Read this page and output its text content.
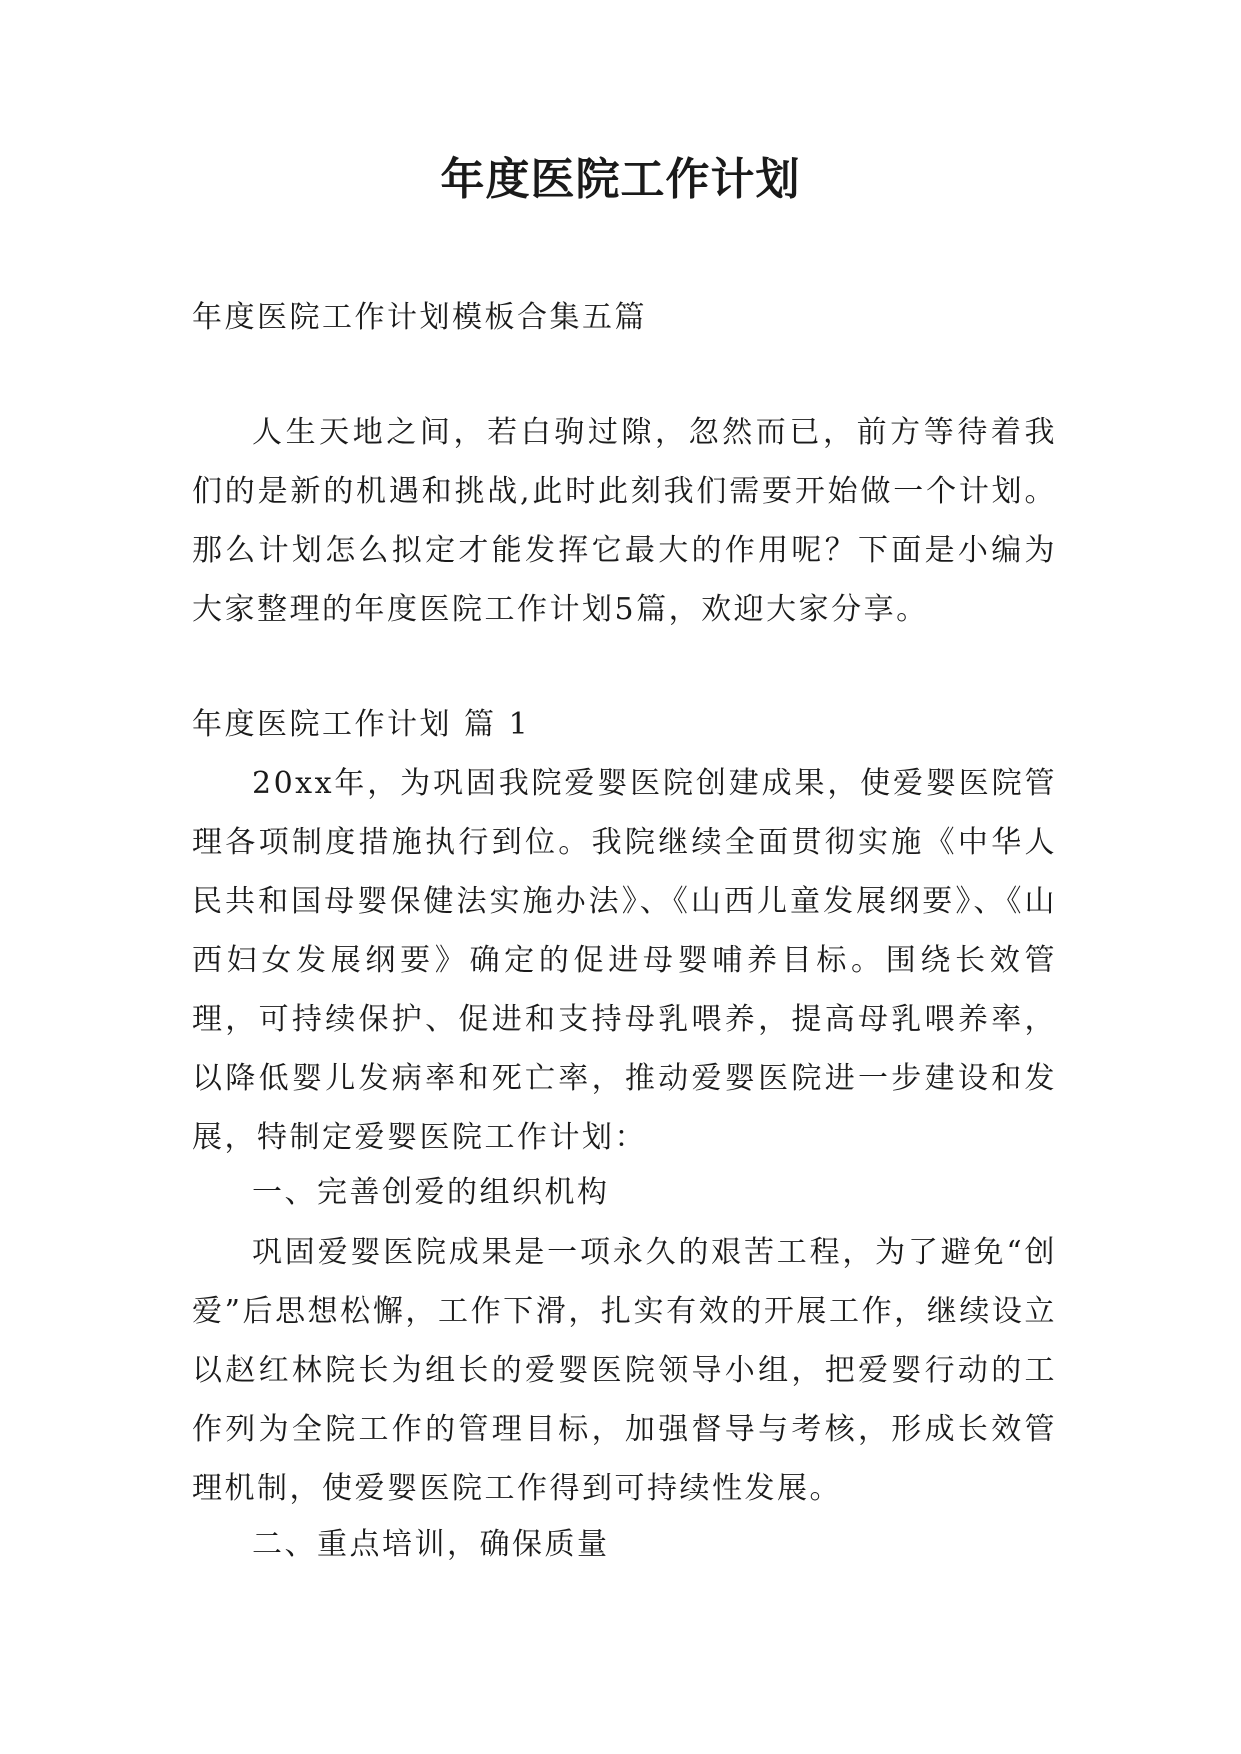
年度医院工作计划
年度医院工作计划模板合集五篇
人生天地之间，若白驹过隙，忽然而已，前方等待着我们的是新的机遇和挑战,此时此刻我们需要开始做一个计划。那么计划怎么拟定才能发挥它最大的作用呢？下面是小编为大家整理的年度医院工作计划5篇，欢迎大家分享。
年度医院工作计划 篇 1
20xx年，为巩固我院爱婴医院创建成果，使爱婴医院管理各项制度措施执行到位。我院继续全面贯彻实施《中华人民共和国母婴保健法实施办法》、《山西儿童发展纲要》、《山西妇女发展纲要》确定的促进母婴哺养目标。围绕长效管理，可持续保护、促进和支持母乳喂养，提高母乳喂养率，以降低婴儿发病率和死亡率，推动爱婴医院进一步建设和发展，特制定爱婴医院工作计划：
一、完善创爱的组织机构
巩固爱婴医院成果是一项永久的艰苦工程，为了避免“创爱”后思想松懈，工作下滑，扎实有效的开展工作，继续设立以赵红林院长为组长的爱婴医院领导小组，把爱婴行动的工作列为全院工作的管理目标，加强督导与考核，形成长效管理机制，使爱婴医院工作得到可持续性发展。
二、重点培训，确保质量
